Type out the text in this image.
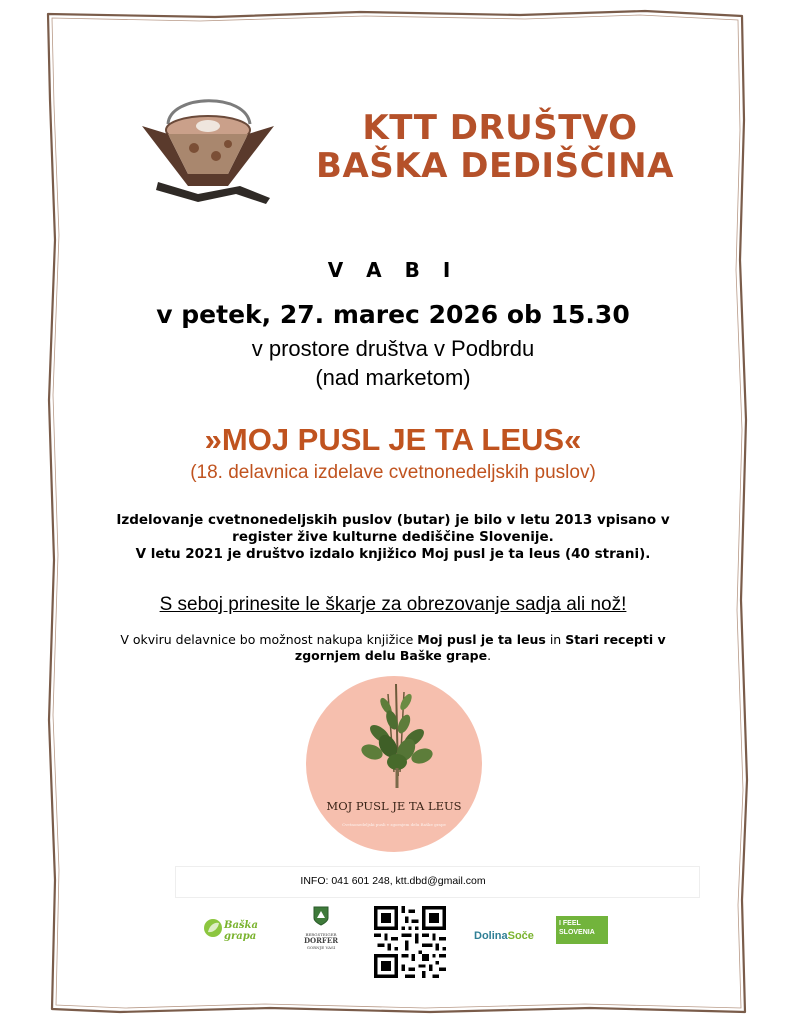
KTT DRUŠTVO
BAŠKA DEDIŠČINA
V A B I
v petek, 27. marec 2026 ob 15.30
v prostore društva v Podbrdu
(nad marketom)
»MOJ PUSL JE TA LEUS«
(18. delavnica izdelave cvetnonedeljskih puslov)
Izdelovanje cvetnonedeljskih puslov (butar) je bilo v letu 2013 vpisano v
register žive kulturne dediščine Slovenije.
V letu 2021 je društvo izdalo knjižico Moj pusl je ta leus (40 strani).
S seboj prinesite le škarje za obrezovanje sadja ali nož!
V okviru delavnice bo možnost nakupa knjižice Moj pusl je ta leus in Stari recepti v zgornjem delu Baške grape.
MOJ PUSL JE TA LEUS
Cvetnonedeljski pusli v zgornjem delu Baške grape
INFO: 041 601 248, ktt.dbd@gmail.com
Baška grapa	BERGSTEIGER
DORFER
GORNJE VASI
DolinaSoče
I FEEL
SLOVENIA
